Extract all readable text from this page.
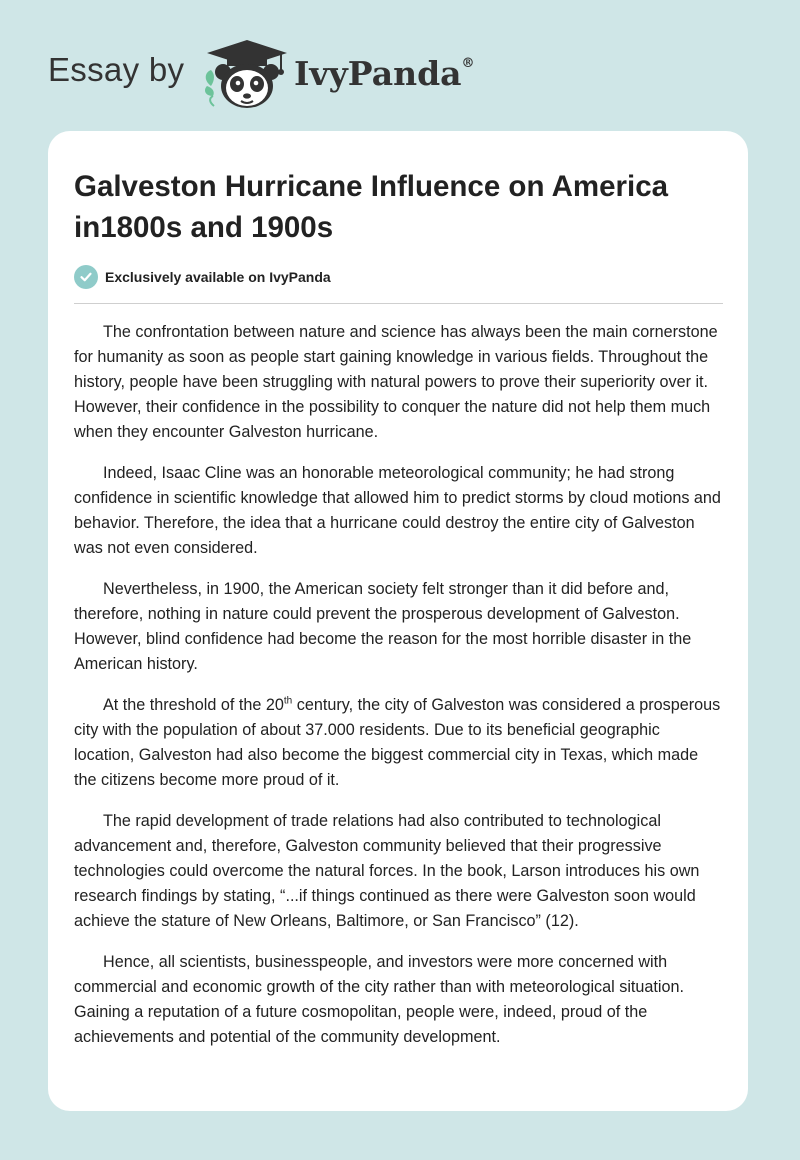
Essay by	IvyPanda®
Galveston Hurricane Influence on America in1800s and 1900s
Exclusively available on IvyPanda

The confrontation between nature and science has always been the main cornerstone for humanity as soon as people start gaining knowledge in various fields. Throughout the history, people have been struggling with natural powers to prove their superiority over it. However, their confidence in the possibility to conquer the nature did not help them much when they encounter Galveston hurricane.

Indeed, Isaac Cline was an honorable meteorological community; he had strong confidence in scientific knowledge that allowed him to predict storms by cloud motions and behavior. Therefore, the idea that a hurricane could destroy the entire city of Galveston was not even considered.

Nevertheless, in 1900, the American society felt stronger than it did before and, therefore, nothing in nature could prevent the prosperous development of Galveston. However, blind confidence had become the reason for the most horrible disaster in the American history.

At the threshold of the 20th century, the city of Galveston was considered a prosperous city with the population of about 37.000 residents. Due to its beneficial geographic location, Galveston had also become the biggest commercial city in Texas, which made the citizens become more proud of it.

The rapid development of trade relations had also contributed to technological advancement and, therefore, Galveston community believed that their progressive technologies could overcome the natural forces. In the book, Larson introduces his own research findings by stating, “...if things continued as there were Galveston soon would achieve the stature of New Orleans, Baltimore, or San Francisco” (12).

Hence, all scientists, businesspeople, and investors were more concerned with commercial and economic growth of the city rather than with meteorological situation. Gaining a reputation of a future cosmopolitan, people were, indeed, proud of the achievements and potential of the community development.
